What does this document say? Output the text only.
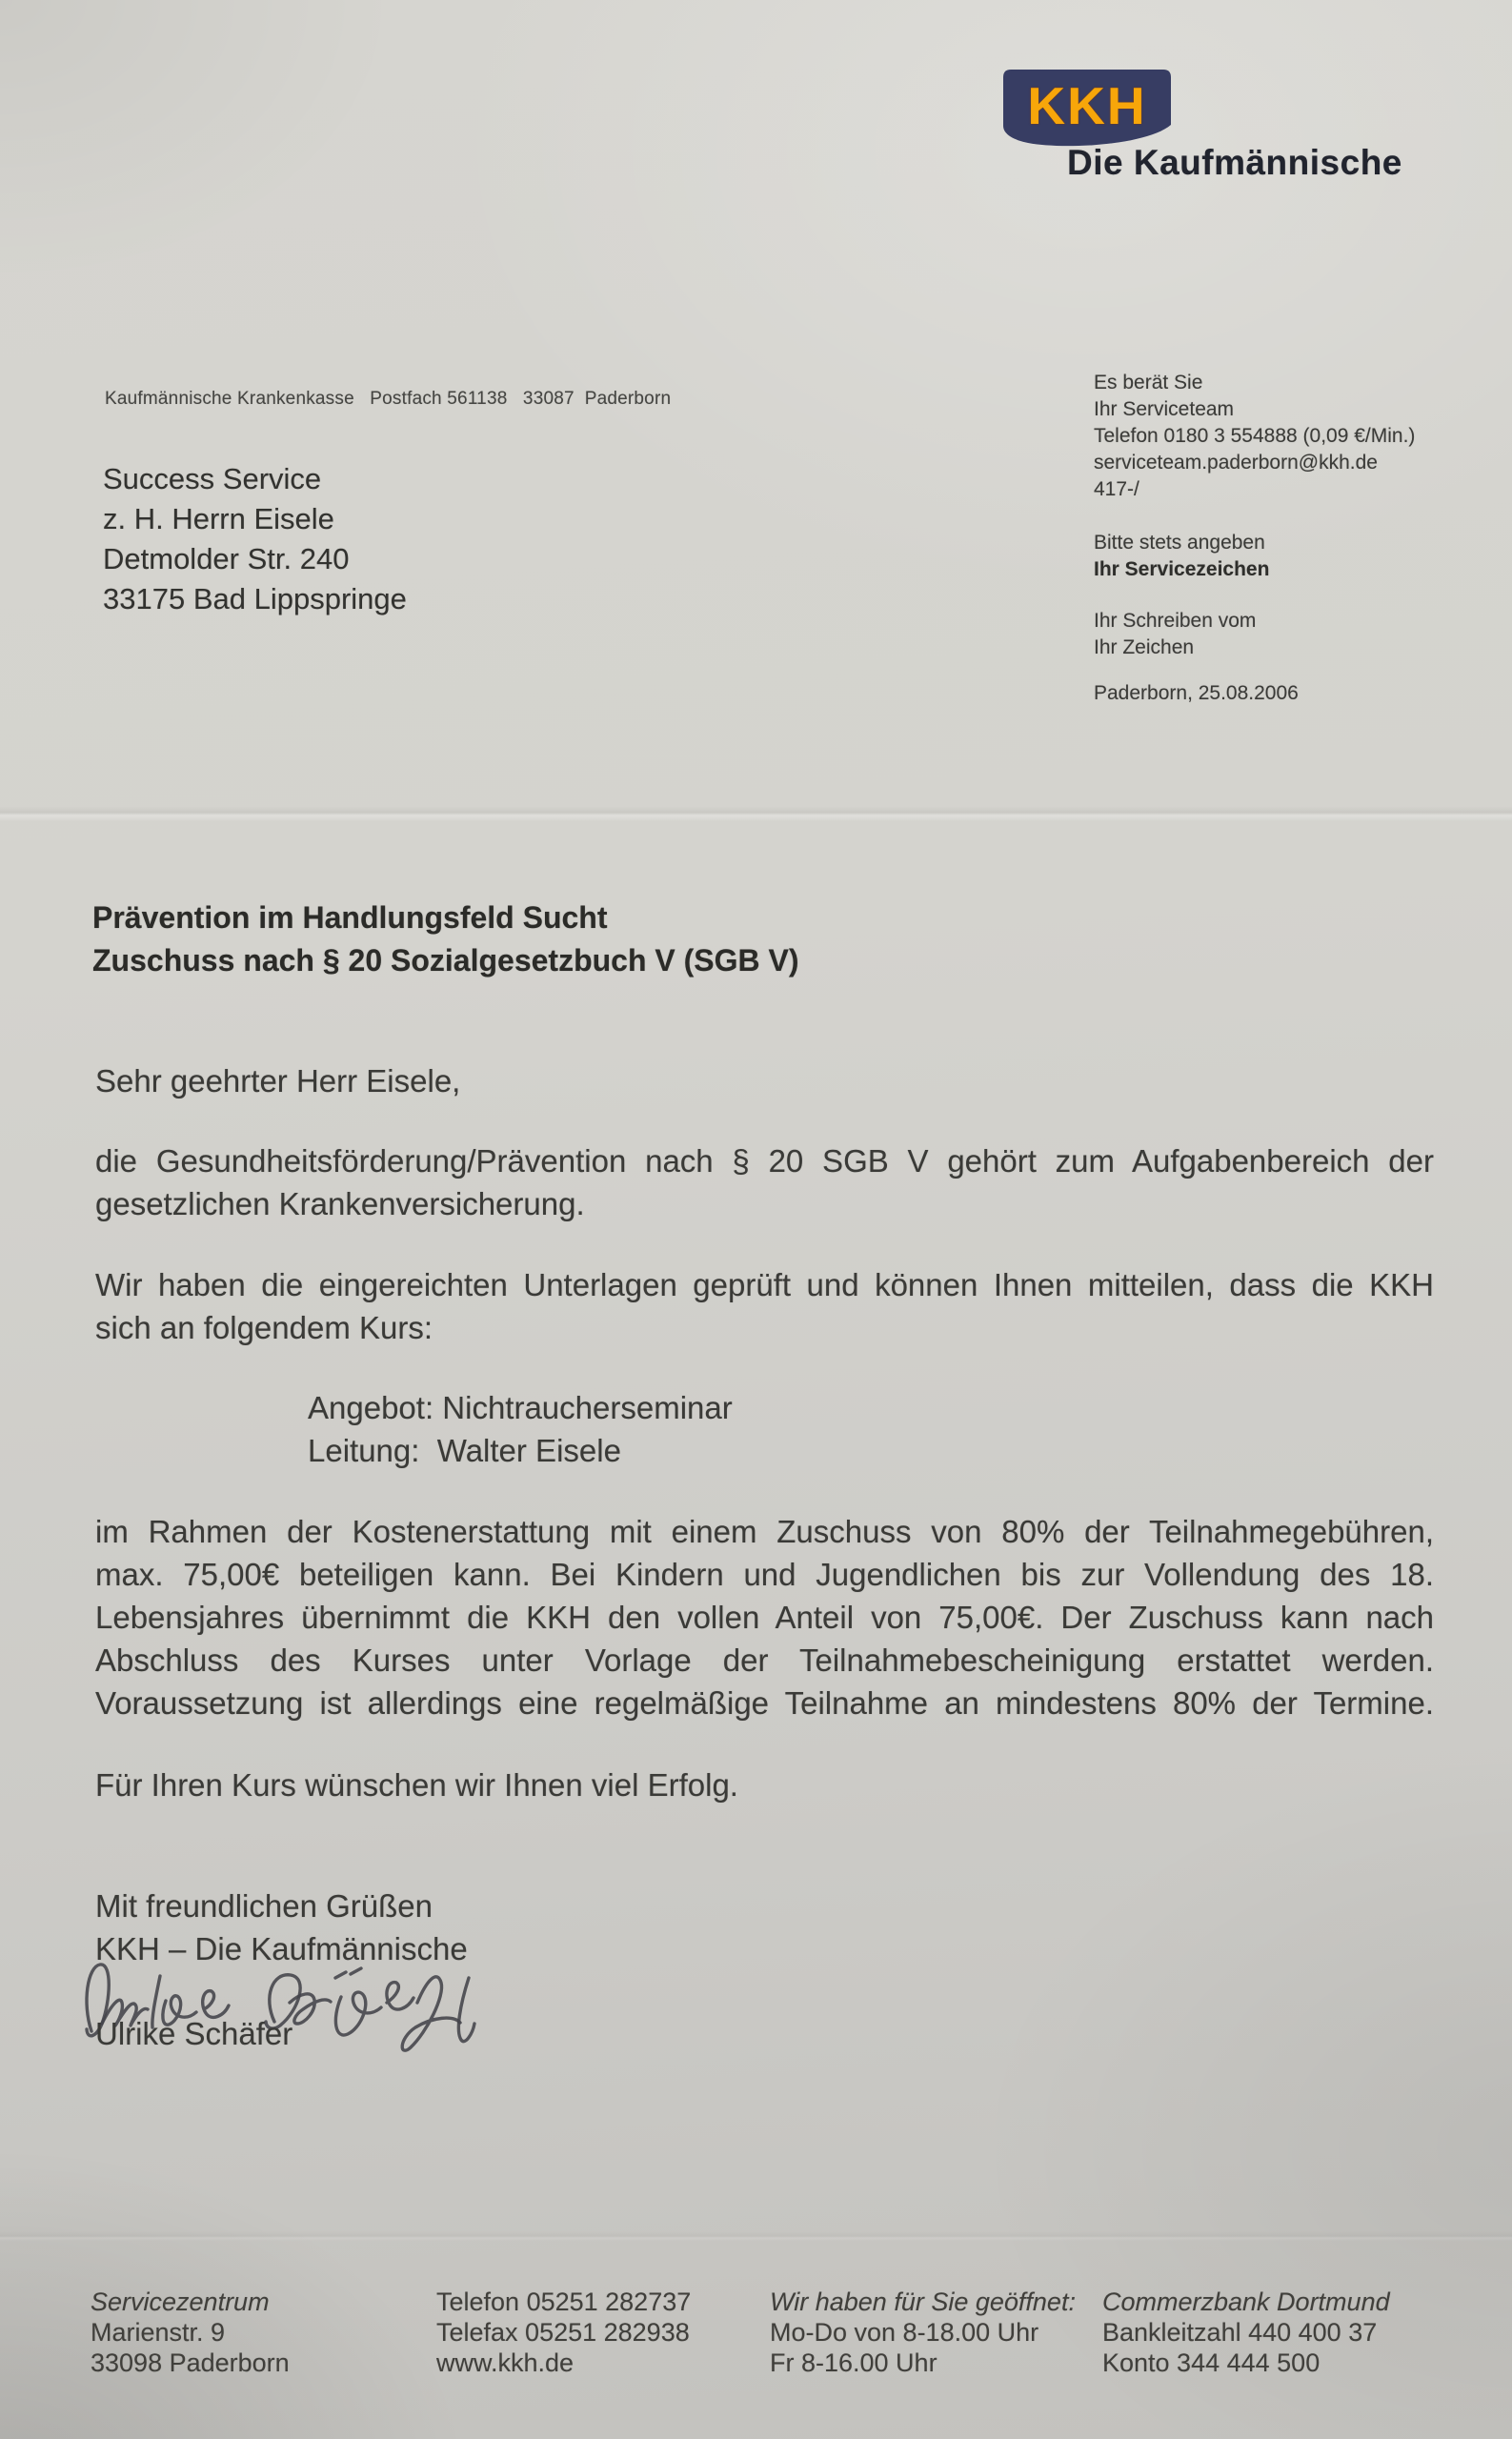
KKH
Die Kaufmännische
Kaufmännische Krankenkasse   Postfach 561138   33087  Paderborn
Success Service
z. H. Herrn Eisele
Detmolder Str. 240
33175 Bad Lippspringe
Es berät Sie
Ihr Serviceteam
Telefon 0180 3 554888 (0,09 €/Min.)
serviceteam.paderborn@kkh.de
417-/
Bitte stets angeben
Ihr Servicezeichen
Ihr Schreiben vom
Ihr Zeichen
Paderborn, 25.08.2006
Prävention im Handlungsfeld Sucht
Zuschuss nach § 20 Sozialgesetzbuch V (SGB V)
Sehr geehrter Herr Eisele,
die Gesundheitsförderung/Prävention nach § 20 SGB V gehört zum Aufgabenbereich der
gesetzlichen Krankenversicherung.
Wir haben die eingereichten Unterlagen geprüft und können Ihnen mitteilen, dass die KKH
sich an folgendem Kurs:
Angebot: Nichtraucherseminar
Leitung:  Walter Eisele
im Rahmen der Kostenerstattung mit einem Zuschuss von 80% der Teilnahmegebühren,
max. 75,00€ beteiligen kann. Bei Kindern und Jugendlichen bis zur Vollendung des 18.
Lebensjahres übernimmt die KKH den vollen Anteil von 75,00€. Der Zuschuss kann nach
Abschluss des Kurses unter Vorlage der Teilnahmebescheinigung erstattet werden.
Voraussetzung ist allerdings eine regelmäßige Teilnahme an mindestens 80% der Termine.
Für Ihren Kurs wünschen wir Ihnen viel Erfolg.
Mit freundlichen Grüßen
KKH – Die Kaufmännische
Ulrike Schäfer
Servicezentrum
Marienstr. 9
33098 Paderborn
Telefon 05251 282737
Telefax 05251 282938
www.kkh.de
Wir haben für Sie geöffnet:
Mo-Do von 8-18.00 Uhr
Fr 8-16.00 Uhr
Commerzbank Dortmund
Bankleitzahl 440 400 37
Konto 344 444 500
